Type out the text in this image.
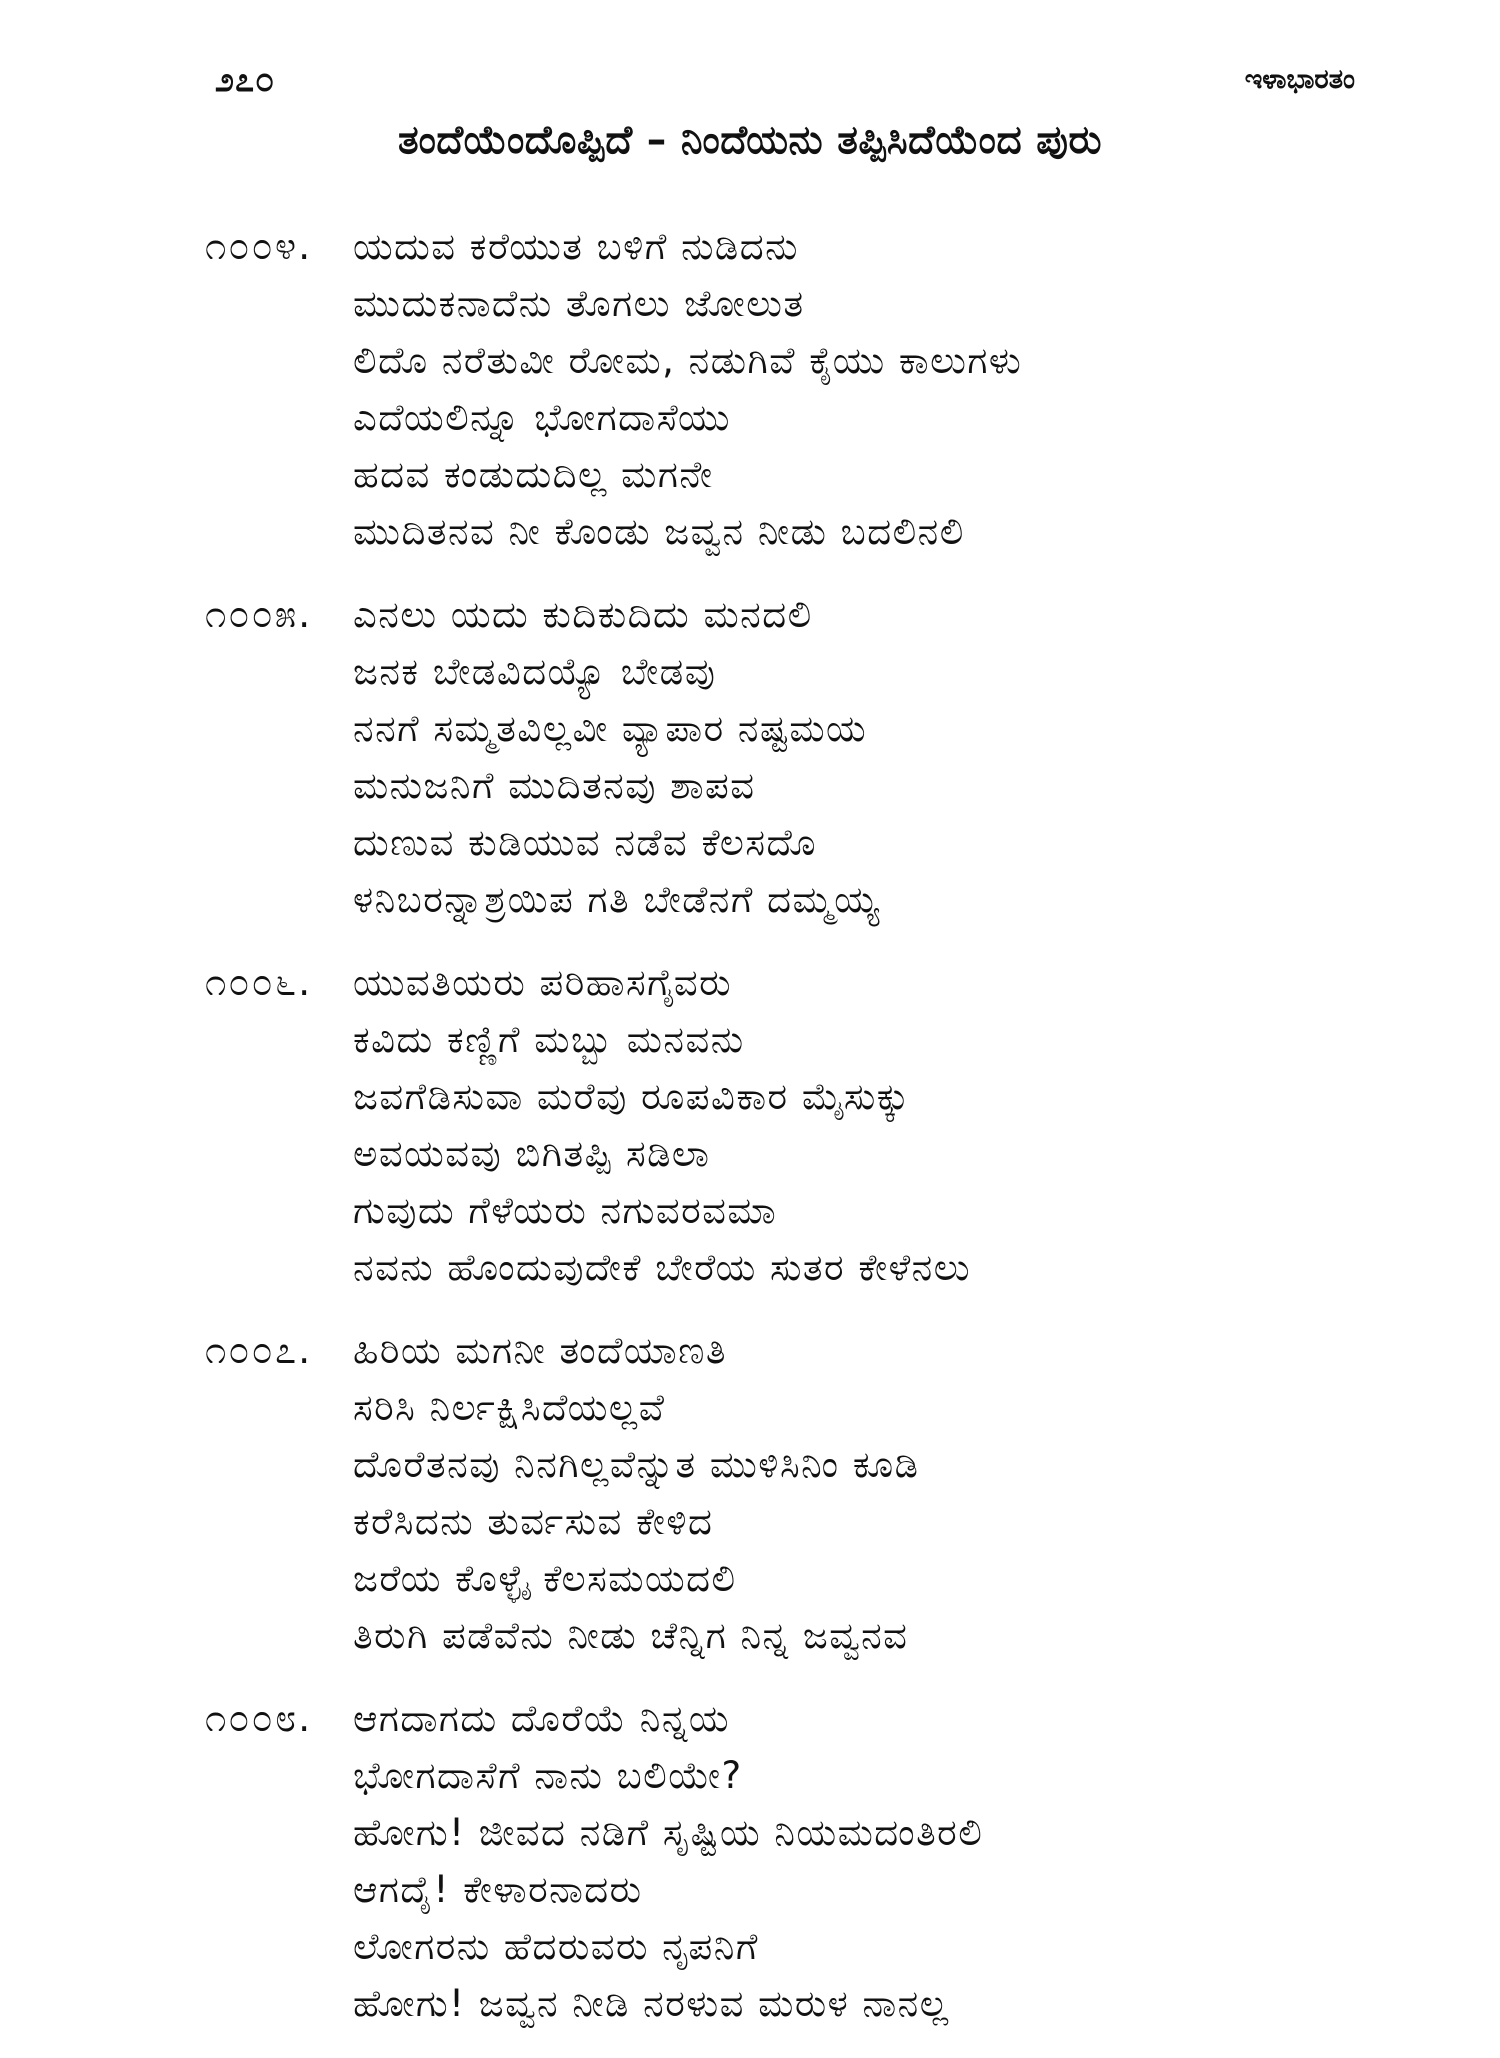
೨೭೦	ಇಳಾಭಾರತಂ
ತಂದೆಯೆಂದೊಪ್ಪಿದೆ – ನಿಂದೆಯನು ತಪ್ಪಿಸಿದೆಯೆಂದ ಪುರು
೧೦೦೪.	ಯದುವ ಕರೆಯುತ ಬಳಿಗೆ ನುಡಿದನು
ಮುದುಕನಾದೆನು ತೊಗಲು ಜೋಲುತ
ಲಿದೊ ನರೆತುವೀ ರೋಮ, ನಡುಗಿವೆ ಕೈಯು ಕಾಲುಗಳು
ಎದೆಯಲಿನ್ನೂ ಭೋಗದಾಸೆಯು
ಹದವ ಕಂಡುದುದಿಲ್ಲ ಮಗನೇ
ಮುದಿತನವ ನೀ ಕೊಂಡು ಜವ್ವನ ನೀಡು ಬದಲಿನಲಿ
೧೦೦೫.	ಎನಲು ಯದು ಕುದಿಕುದಿದು ಮನದಲಿ
ಜನಕ ಬೇಡವಿದಯ್ಯೊ ಬೇಡವು
ನನಗೆ ಸಮ್ಮತವಿಲ್ಲವೀ ವ್ಯಾಪಾರ ನಷ್ಟಮಯ
ಮನುಜನಿಗೆ ಮುದಿತನವು ಶಾಪವ
ದುಣುವ ಕುಡಿಯುವ ನಡೆವ ಕೆಲಸದೊ
ಳನಿಬರನ್ನಾಶ್ರಯಿಪ ಗತಿ ಬೇಡೆನಗೆ ದಮ್ಮಯ್ಯ
೧೦೦೬.	ಯುವತಿಯರು ಪರಿಹಾಸಗೈವರು
ಕವಿದು ಕಣ್ಣಿಗೆ ಮಬ್ಬು ಮನವನು
ಜವಗೆಡಿಸುವಾ ಮರೆವು ರೂಪವಿಕಾರ ಮೈಸುಕ್ಕು
ಅವಯವವು ಬಿಗಿತಪ್ಪಿ ಸಡಿಲಾ
ಗುವುದು ಗೆಳೆಯರು ನಗುವರವಮಾ
ನವನು ಹೊಂದುವುದೇಕೆ ಬೇರೆಯ ಸುತರ ಕೇಳೆನಲು
೧೦೦೭.	ಹಿರಿಯ ಮಗನೀ ತಂದೆಯಾಣತಿ
ಸರಿಸಿ ನಿರ್ಲಕ್ಷಿಸಿದೆಯಲ್ಲವೆ
ದೊರೆತನವು ನಿನಗಿಲ್ಲವೆನ್ನುತ ಮುಳಿಸಿನಿಂ ಕೂಡಿ
ಕರೆಸಿದನು ತುರ್ವಸುವ ಕೇಳಿದ
ಜರೆಯ ಕೊಳ್ಳೈ ಕೆಲಸಮಯದಲಿ
ತಿರುಗಿ ಪಡೆವೆನು ನೀಡು ಚೆನ್ನಿಗ ನಿನ್ನ ಜವ್ವನವ
೧೦೦೮.	ಆಗದಾಗದು ದೊರೆಯೆ ನಿನ್ನಯ
ಭೋಗದಾಸೆಗೆ ನಾನು ಬಲಿಯೇ?
ಹೋಗು! ಜೀವದ ನಡಿಗೆ ಸೃಷ್ಟಿಯ ನಿಯಮದಂತಿರಲಿ
ಆಗದೈ! ಕೇಳಾರನಾದರು
ಲೋಗರನು ಹೆದರುವರು ನೃಪನಿಗೆ
ಹೋಗು! ಜವ್ವನ ನೀಡಿ ನರಳುವ ಮರುಳ ನಾನಲ್ಲ
